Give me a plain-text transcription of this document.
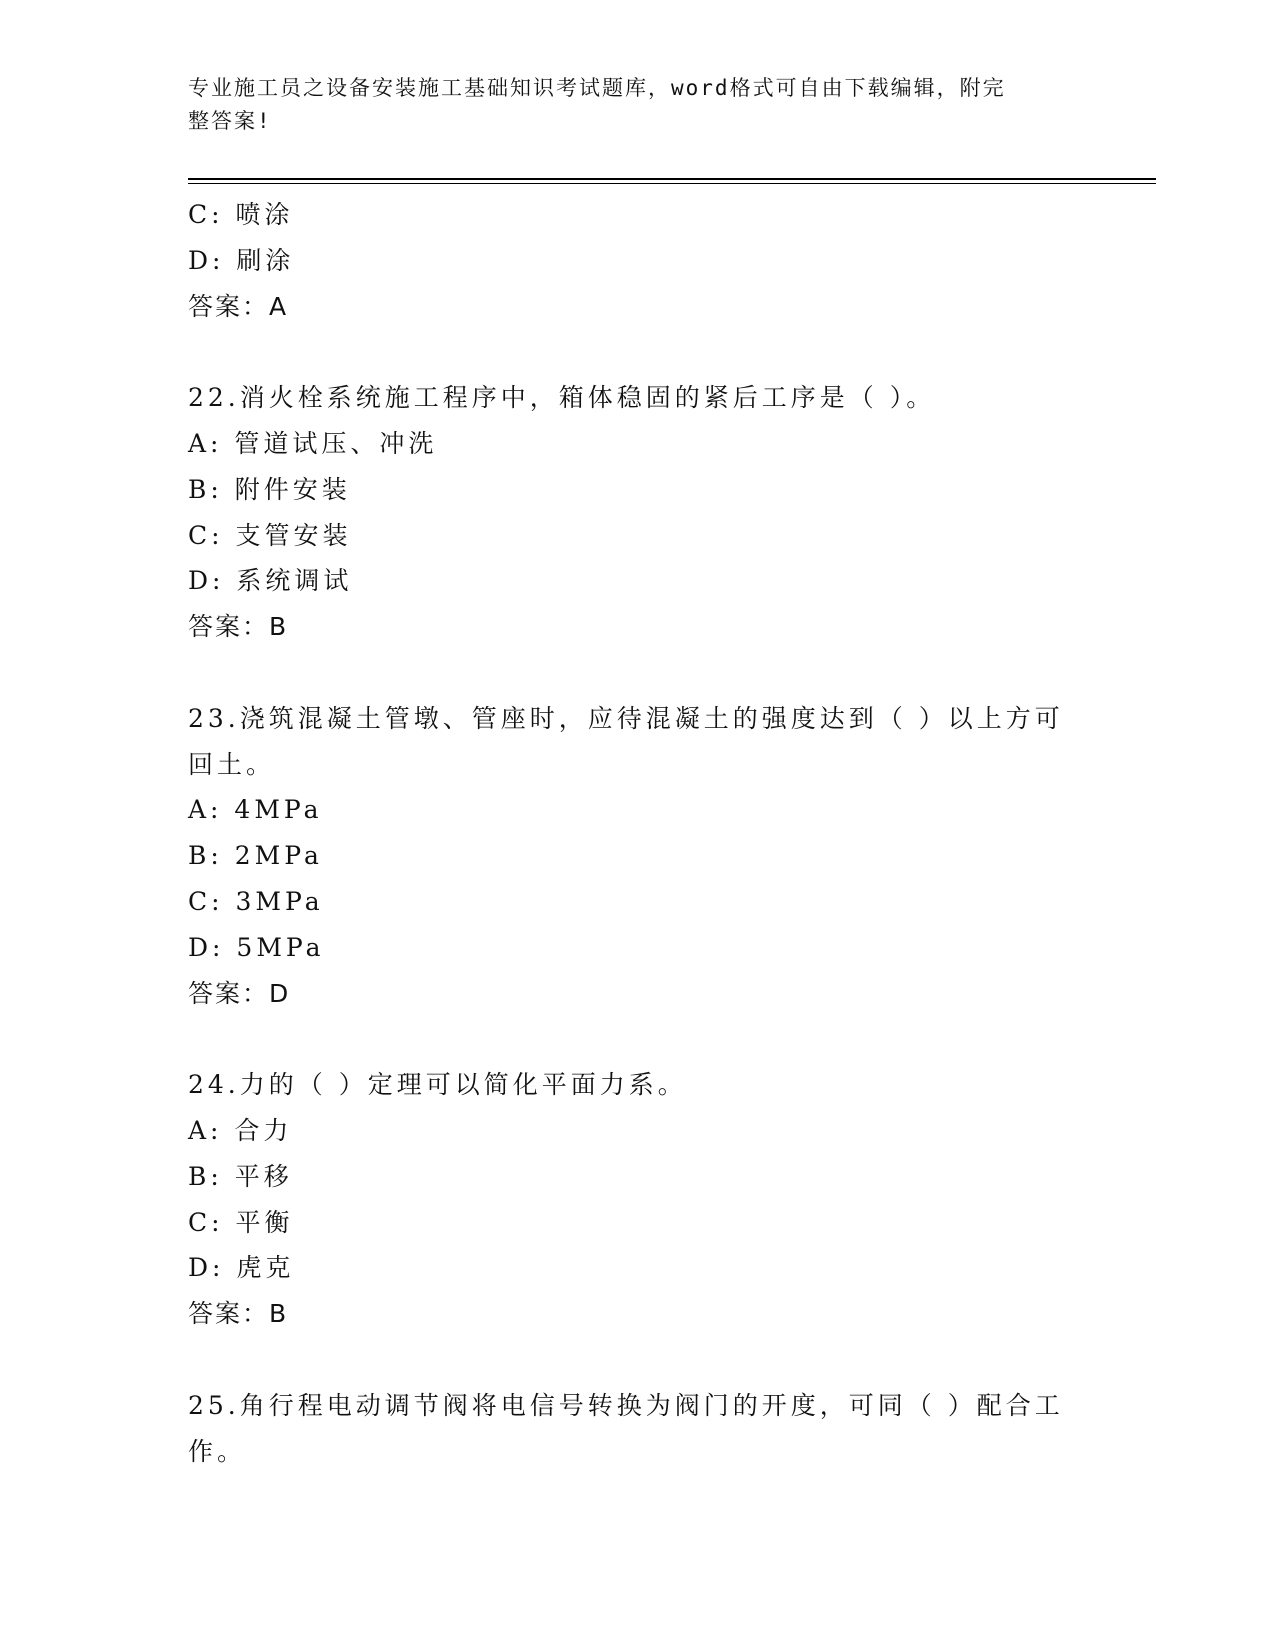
专业施工员之设备安装施工基础知识考试题库，word格式可自由下载编辑，附完
整答案!
C: 喷涂
D: 刷涂
答案：A
22.消火栓系统施工程序中，箱体稳固的紧后工序是（ ）。
A: 管道试压、冲洗
B: 附件安装
C: 支管安装
D: 系统调试
答案：B
23.浇筑混凝土管墩、管座时，应待混凝土的强度达到（ ）以上方可
回土。
A: 4MPa
B: 2MPa
C: 3MPa
D: 5MPa
答案：D
24.力的（ ）定理可以简化平面力系。
A: 合力
B: 平移
C: 平衡
D: 虎克
答案：B
25.角行程电动调节阀将电信号转换为阀门的开度，可同（ ）配合工
作。
